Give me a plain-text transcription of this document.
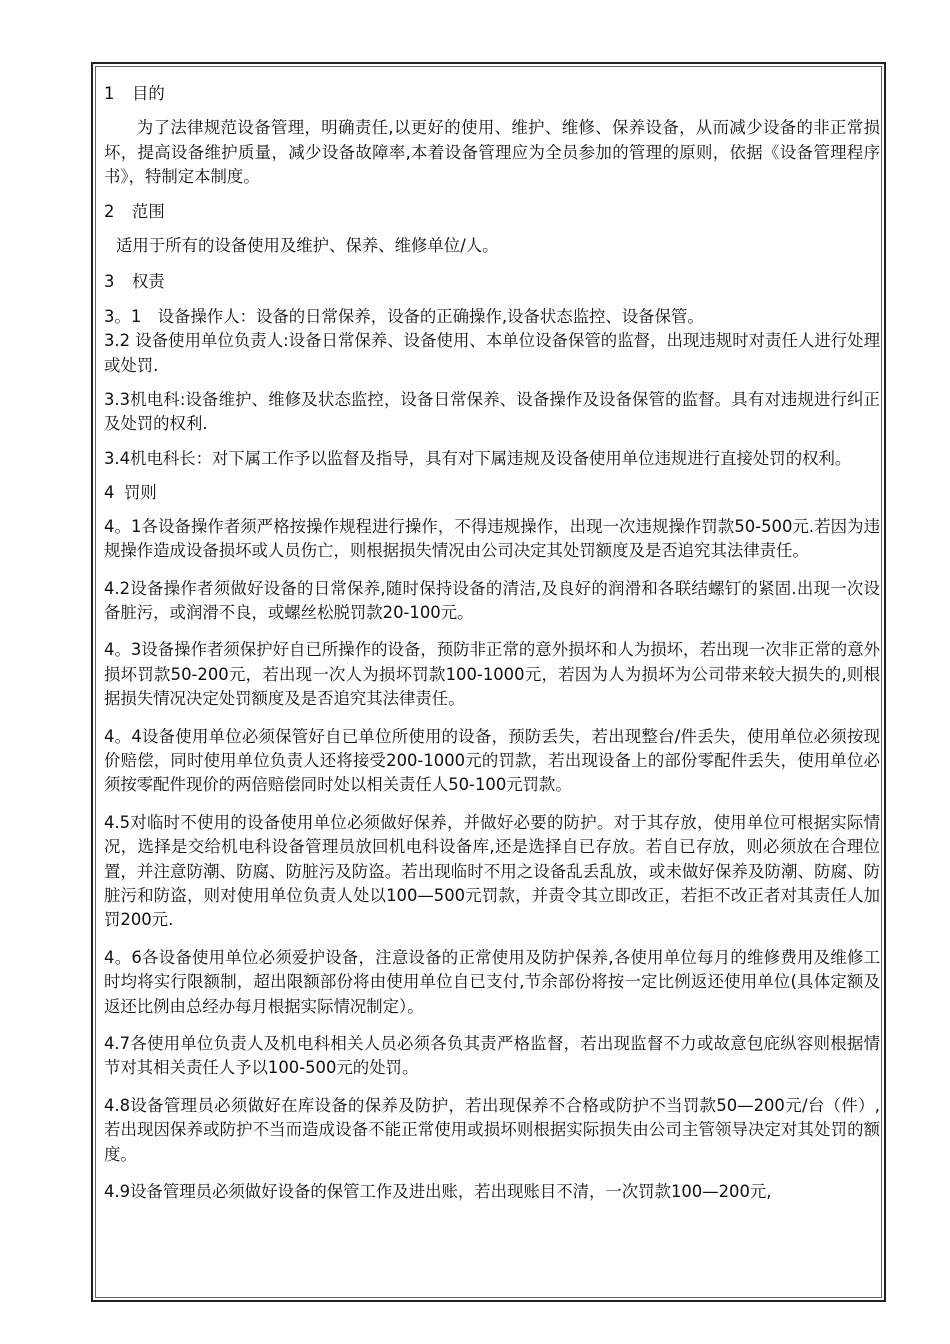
1 目的

为了法律规范设备管理，明确责任,以更好的使用、维护、维修、保养设备，从而减少设备的非正常损坏，提高设备维护质量，减少设备故障率,本着设备管理应为全员参加的管理的原则，依据《设备管理程序书》，特制定本制度。

2 范围

适用于所有的设备使用及维护、保养、维修单位/人。

3 权责

3。1　设备操作人：设备的日常保养，设备的正确操作,设备状态监控、设备保管。

3.2 设备使用单位负责人:设备日常保养、设备使用、本单位设备保管的监督，出现违规时对责任人进行处理或处罚.

3.3机电科:设备维护、维修及状态监控，设备日常保养、设备操作及设备保管的监督。具有对违规进行纠正及处罚的权利.

3.4机电科长：对下属工作予以监督及指导，具有对下属违规及设备使用单位违规进行直接处罚的权利。

4 罚则

4。1各设备操作者须严格按操作规程进行操作，不得违规操作，出现一次违规操作罚款50-500元.若因为违规操作造成设备损坏或人员伤亡，则根据损失情况由公司决定其处罚额度及是否追究其法律责任。

4.2设备操作者须做好设备的日常保养,随时保持设备的清洁,及良好的润滑和各联结螺钉的紧固.出现一次设备脏污，或润滑不良，或螺丝松脱罚款20-100元。

4。3设备操作者须保护好自已所操作的设备，预防非正常的意外损坏和人为损坏，若出现一次非正常的意外损坏罚款50-200元，若出现一次人为损坏罚款100-1000元，若因为人为损坏为公司带来较大损失的,则根据损失情况决定处罚额度及是否追究其法律责任。

4。4设备使用单位必须保管好自已单位所使用的设备，预防丢失，若出现整台/件丢失，使用单位必须按现价赔偿，同时使用单位负责人还将接受200-1000元的罚款，若出现设备上的部份零配件丢失，使用单位必须按零配件现价的两倍赔偿同时处以相关责任人50-100元罚款。

4.5对临时不使用的设备使用单位必须做好保养，并做好必要的防护。对于其存放，使用单位可根据实际情况，选择是交给机电科设备管理员放回机电科设备库,还是选择自已存放。若自已存放，则必须放在合理位置，并注意防潮、防腐、防脏污及防盗。若出现临时不用之设备乱丢乱放，或未做好保养及防潮、防腐、防脏污和防盗，则对使用单位负责人处以100—500元罚款，并责令其立即改正，若拒不改正者对其责任人加罚200元.

4。6各设备使用单位必须爱护设备，注意设备的正常使用及防护保养,各使用单位每月的维修费用及维修工时均将实行限额制，超出限额部份将由使用单位自已支付,节余部份将按一定比例返还使用单位(具体定额及返还比例由总经办每月根据实际情况制定）。

4.7各使用单位负责人及机电科相关人员必须各负其责严格监督，若出现监督不力或故意包庇纵容则根据情节对其相关责任人予以100-500元的处罚。

4.8设备管理员必须做好在库设备的保养及防护，若出现保养不合格或防护不当罚款50—200元/台（件）,若出现因保养或防护不当而造成设备不能正常使用或损坏则根据实际损失由公司主管领导决定对其处罚的额度。

4.9设备管理员必须做好设备的保管工作及进出账，若出现账目不清，一次罚款100—200元,
